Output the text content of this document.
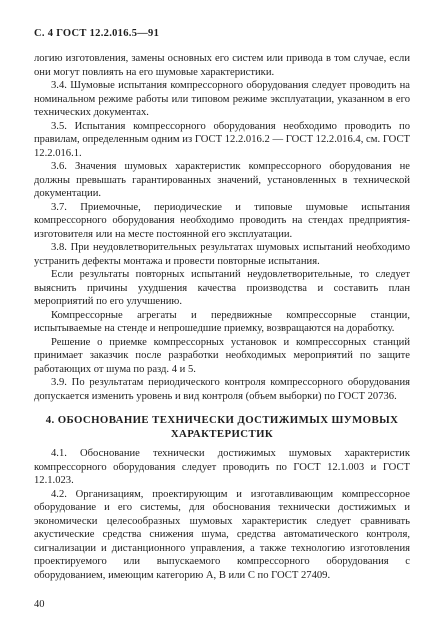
С. 4 ГОСТ 12.2.016.5—91

логию изготовления, замены основных его систем или привода в том случае, если они могут повлиять на его шумовые характеристики.

3.4. Шумовые испытания компрессорного оборудования следует проводить на номинальном режиме работы или типовом режиме эксплуатации, указанном в его технических документах.

3.5. Испытания компрессорного оборудования необходимо проводить по правилам, определенным одним из ГОСТ 12.2.016.2 — ГОСТ 12.2.016.4, см. ГОСТ 12.2.016.1.

3.6. Значения шумовых характеристик компрессорного оборудования не должны превышать гарантированных значений, установленных в технической документации.

3.7. Приемочные, периодические и типовые шумовые испытания компрессорного оборудования необходимо проводить на стендах предприятия-изготовителя или на месте постоянной его эксплуатации.

3.8. При неудовлетворительных результатах шумовых испытаний необходимо устранить дефекты монтажа и провести повторные испытания.

Если результаты повторных испытаний неудовлетворительные, то следует выяснить причины ухудшения качества производства и составить план мероприятий по его улучшению.

Компрессорные агрегаты и передвижные компрессорные станции, испытываемые на стенде и непрошедшие приемку, возвращаются на доработку.

Решение о приемке компрессорных установок и компрессорных станций принимает заказчик после разработки необходимых мероприятий по защите работающих от шума по разд. 4 и 5.

3.9. По результатам периодического контроля компрессорного оборудования допускается изменить уровень и вид контроля (объем выборки) по ГОСТ 20736.

4. ОБОСНОВАНИЕ ТЕХНИЧЕСКИ ДОСТИЖИМЫХ ШУМОВЫХ ХАРАКТЕРИСТИК

4.1. Обоснование технически достижимых шумовых характеристик компрессорного оборудования следует проводить по ГОСТ 12.1.003 и ГОСТ 12.1.023.

4.2. Организациям, проектирующим и изготавливающим компрессорное оборудование и его системы, для обоснования технически достижимых и экономически целесообразных шумовых характеристик следует сравнивать акустические средства снижения шума, средства автоматического контроля, сигнализации и дистанционного управления, а также технологию изготовления проектируемого или выпускаемого компрессорного оборудования с оборудованием, имеющим категорию А, В или С по ГОСТ 27409.

40
